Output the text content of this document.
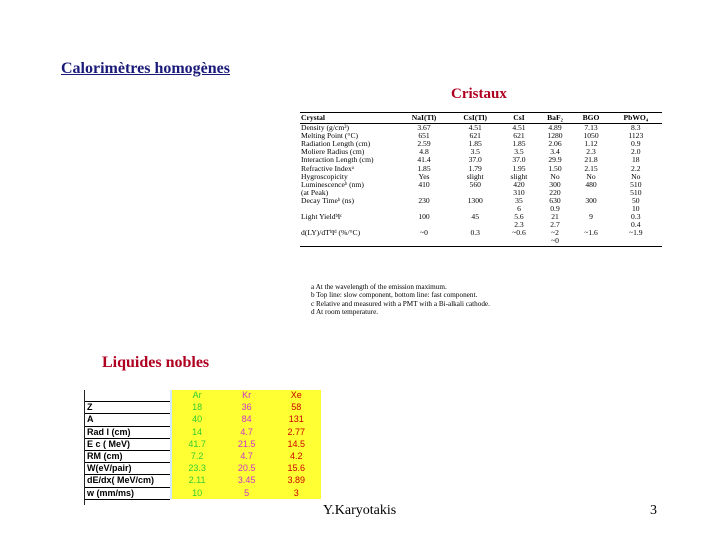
Calorimètres homogènes
Cristaux
Crystal	NaI(Tl)	CsI(Tl)	CsI	BaF₂	BGO	PbWO₄
Density (g/cm³)	3.67	4.51	4.51	4.89	7.13	8.3
Melting Point (°C)	651	621	621	1280	1050	1123
Radiation Length (cm)	2.59	1.85	1.85	2.06	1.12	0.9
Moliere Radius (cm)	4.8	3.5	3.5	3.4	2.3	2.0
Interaction Length (cm)	41.4	37.0	37.0	29.9	21.8	18
Refractive Indexᵃ	1.85	1.79	1.95	1.50	2.15	2.2
Hygroscopicity	Yes	slight	slight	No	No	No
Luminescenceᵇ (nm)	410	560	420	300	480	510
(at Peak)			310	220		510
Decay Timeᵇ (ns)	230	1300	35	630	300	50
			6	0.9		10
Light YieldᵇⲒᶜ	100	45	5.6	21	9	0.3
			2.3	2.7		0.4
d(LY)/dTᵇⲒᵈ (%/°C)	~0	0.3	~0.6	~2	~1.6	~1.9
				~0		
a At the wavelength of the emission maximum.
b Top line: slow component, bottom line: fast component.
c Relative and measured with a PMT with a Bi-alkali cathode.
d At room temperature.
Liquides nobles
		Ar	Kr	Xe
Z		18	36	58
A		40	84	131
Rad l (cm)		14	4.7	2.77
E c ( MeV)		41.7	21.5	14.5
RM (cm)		7.2	4.7	4.2
W(eV/pair)		23.3	20.5	15.6
dE/dx( MeV/cm)		2.11	3.45	3.89
w (mm/ms)		10	5	3
Y.Karyotakis	3
